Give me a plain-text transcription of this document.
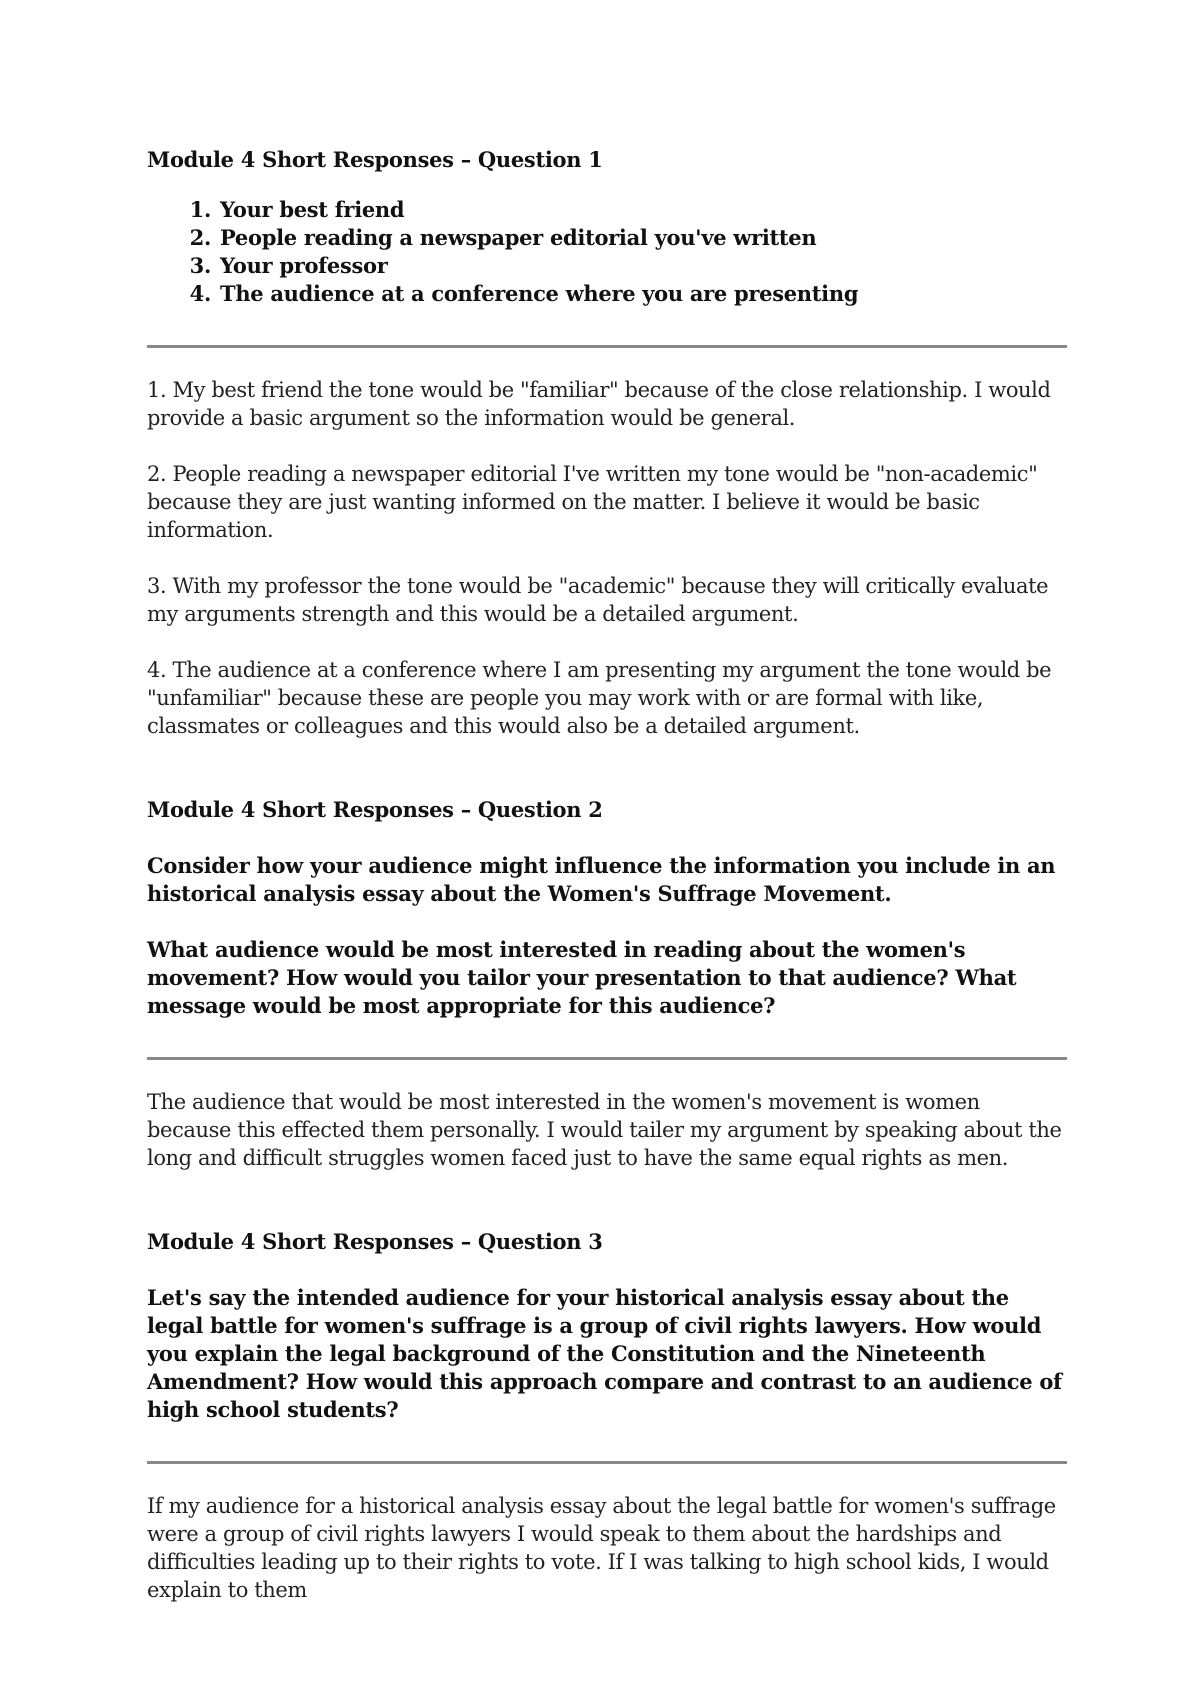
Module 4 Short Responses – Question 1

1. Your best friend
2. People reading a newspaper editorial you've written
3. Your professor
4. The audience at a conference where you are presenting

1. My best friend the tone would be "familiar" because of the close relationship. I would provide a basic argument so the information would be general.

2. People reading a newspaper editorial I've written my tone would be "non-academic" because they are just wanting informed on the matter. I believe it would be basic information.

3. With my professor the tone would be "academic" because they will critically evaluate my arguments strength and this would be a detailed argument.

4. The audience at a conference where I am presenting my argument the tone would be "unfamiliar" because these are people you may work with or are formal with like, classmates or colleagues and this would also be a detailed argument.

Module 4 Short Responses – Question 2

Consider how your audience might influence the information you include in an historical analysis essay about the Women's Suffrage Movement.

What audience would be most interested in reading about the women's movement? How would you tailor your presentation to that audience? What message would be most appropriate for this audience?

The audience that would be most interested in the women's movement is women because this effected them personally. I would tailer my argument by speaking about the long and difficult struggles women faced just to have the same equal rights as men.

Module 4 Short Responses – Question 3

Let's say the intended audience for your historical analysis essay about the legal battle for women's suffrage is a group of civil rights lawyers. How would you explain the legal background of the Constitution and the Nineteenth Amendment? How would this approach compare and contrast to an audience of high school students?

If my audience for a historical analysis essay about the legal battle for women's suffrage were a group of civil rights lawyers I would speak to them about the hardships and difficulties leading up to their rights to vote. If I was talking to high school kids, I would explain to them
